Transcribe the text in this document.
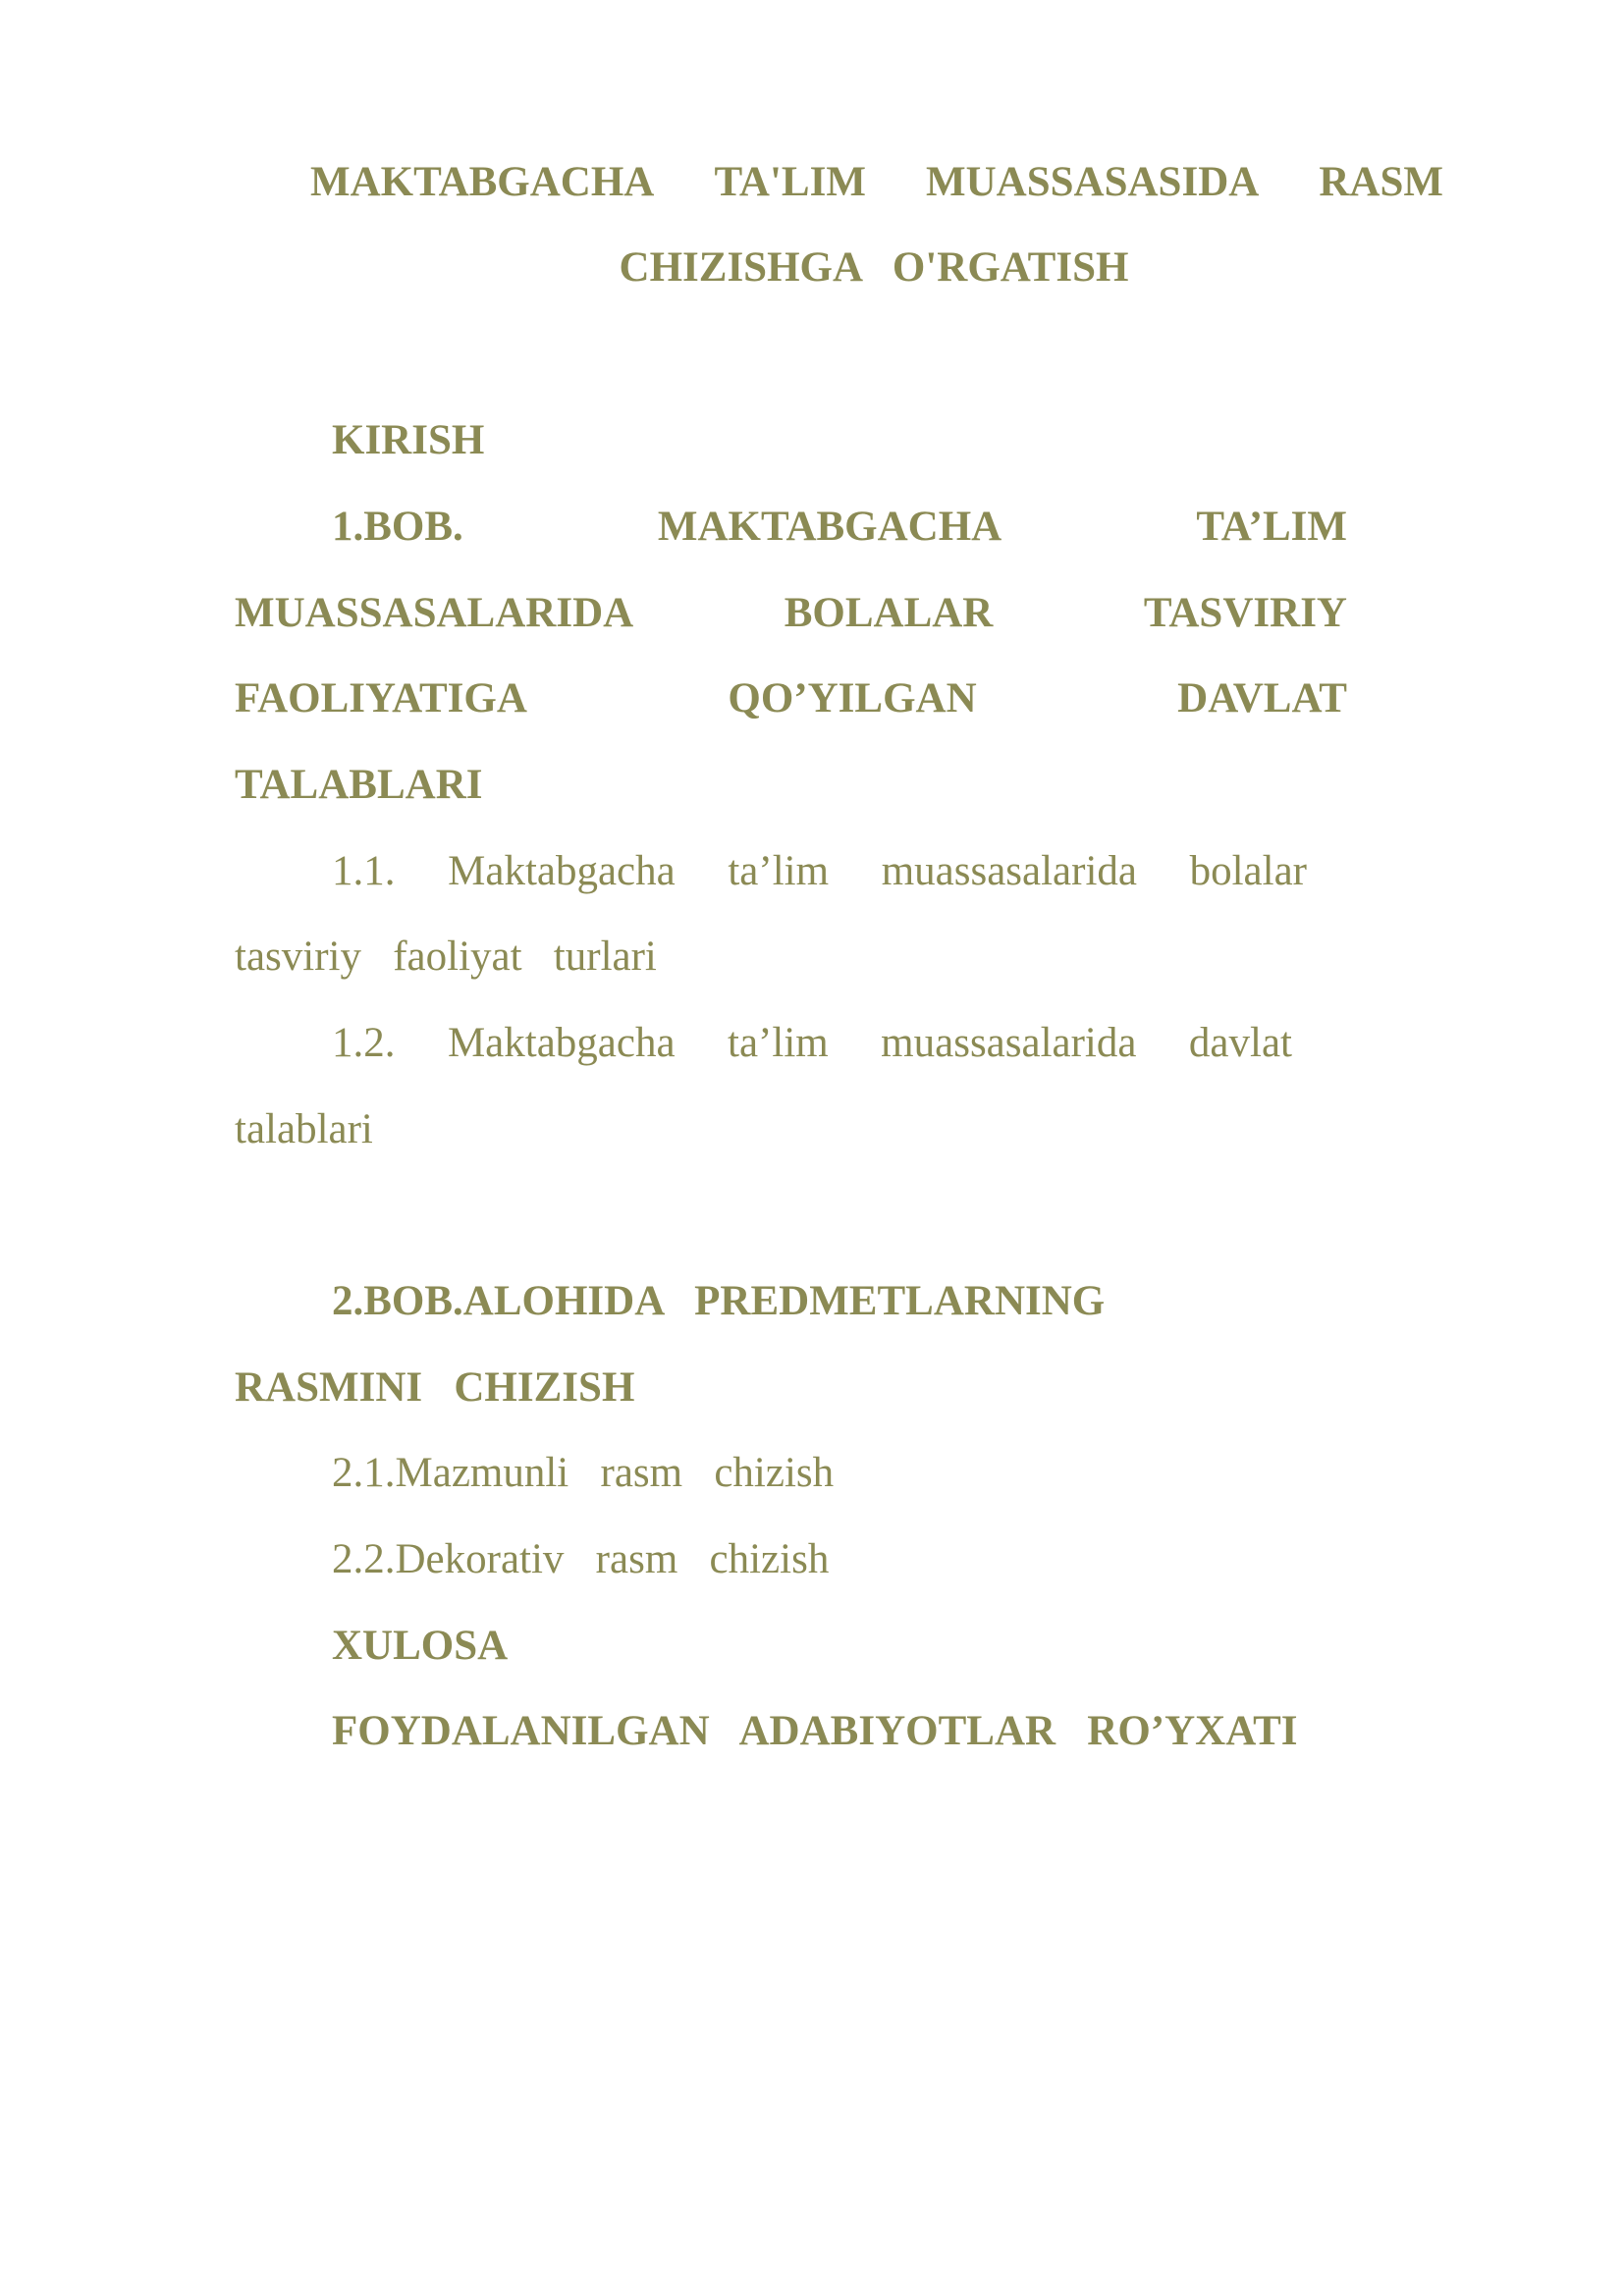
MAKTABGACHA TA'LIM MUASSASASIDA RASM
CHIZISHGA   O'RGATISH
KIRISH
1.BOB.	MAKTABGACHA	TA’LIM
MUASSASALARIDA	BOLALAR	TASVIRIY
FAOLIYATIGA	QO’YILGAN	DAVLAT
TALABLARI
1.1. Maktabgacha ta’lim muassasalarida bolalar
tasviriy   faoliyat   turlari
1.2. Maktabgacha ta’lim muassasalarida davlat
talablari
2.BOB.ALOHIDA   PREDMETLARNING
RASMINI   CHIZISH
2.1.Mazmunli   rasm   chizish
2.2.Dekorativ   rasm   chizish
XULOSA
FOYDALANILGAN   ADABIYOTLAR   RO’YXATI
